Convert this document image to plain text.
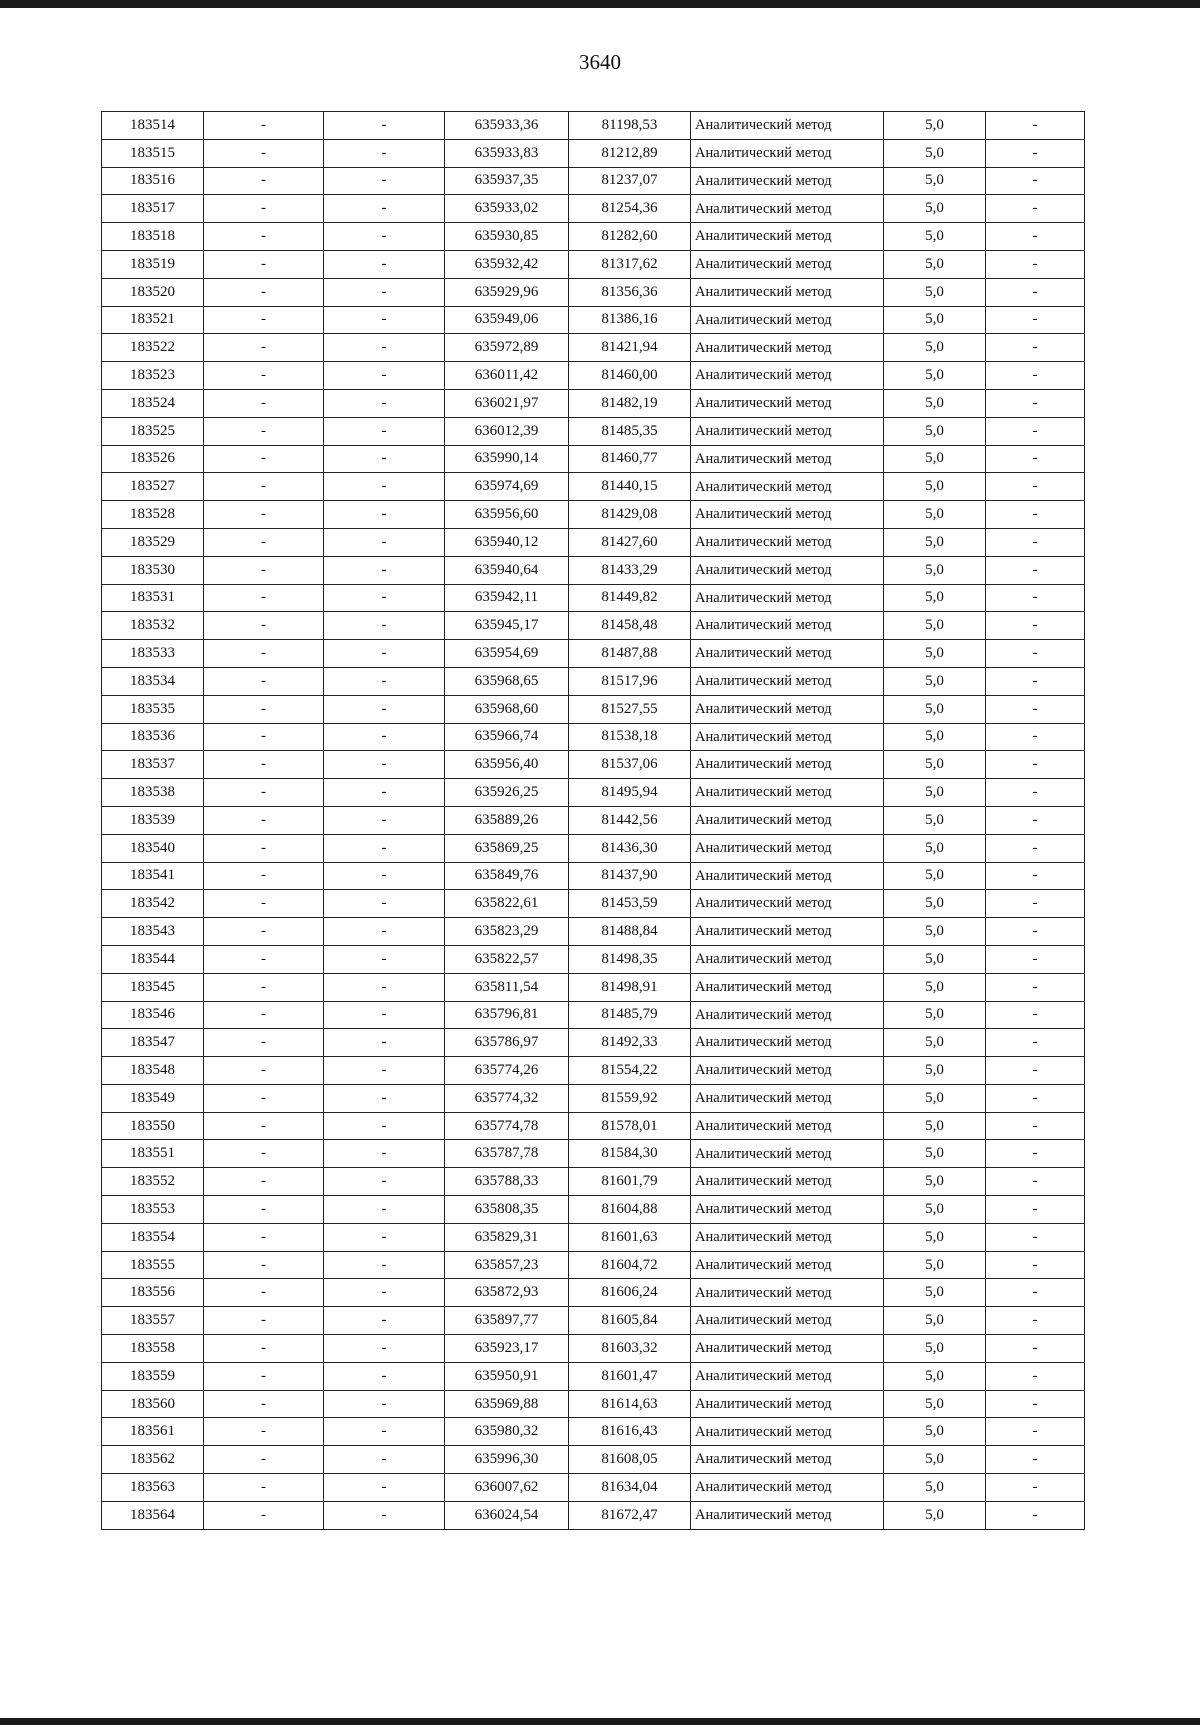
3640
183514	-	-	635933,36	81198,53	Аналитический метод	5,0	-
183515	-	-	635933,83	81212,89	Аналитический метод	5,0	-
183516	-	-	635937,35	81237,07	Аналитический метод	5,0	-
183517	-	-	635933,02	81254,36	Аналитический метод	5,0	-
183518	-	-	635930,85	81282,60	Аналитический метод	5,0	-
183519	-	-	635932,42	81317,62	Аналитический метод	5,0	-
183520	-	-	635929,96	81356,36	Аналитический метод	5,0	-
183521	-	-	635949,06	81386,16	Аналитический метод	5,0	-
183522	-	-	635972,89	81421,94	Аналитический метод	5,0	-
183523	-	-	636011,42	81460,00	Аналитический метод	5,0	-
183524	-	-	636021,97	81482,19	Аналитический метод	5,0	-
183525	-	-	636012,39	81485,35	Аналитический метод	5,0	-
183526	-	-	635990,14	81460,77	Аналитический метод	5,0	-
183527	-	-	635974,69	81440,15	Аналитический метод	5,0	-
183528	-	-	635956,60	81429,08	Аналитический метод	5,0	-
183529	-	-	635940,12	81427,60	Аналитический метод	5,0	-
183530	-	-	635940,64	81433,29	Аналитический метод	5,0	-
183531	-	-	635942,11	81449,82	Аналитический метод	5,0	-
183532	-	-	635945,17	81458,48	Аналитический метод	5,0	-
183533	-	-	635954,69	81487,88	Аналитический метод	5,0	-
183534	-	-	635968,65	81517,96	Аналитический метод	5,0	-
183535	-	-	635968,60	81527,55	Аналитический метод	5,0	-
183536	-	-	635966,74	81538,18	Аналитический метод	5,0	-
183537	-	-	635956,40	81537,06	Аналитический метод	5,0	-
183538	-	-	635926,25	81495,94	Аналитический метод	5,0	-
183539	-	-	635889,26	81442,56	Аналитический метод	5,0	-
183540	-	-	635869,25	81436,30	Аналитический метод	5,0	-
183541	-	-	635849,76	81437,90	Аналитический метод	5,0	-
183542	-	-	635822,61	81453,59	Аналитический метод	5,0	-
183543	-	-	635823,29	81488,84	Аналитический метод	5,0	-
183544	-	-	635822,57	81498,35	Аналитический метод	5,0	-
183545	-	-	635811,54	81498,91	Аналитический метод	5,0	-
183546	-	-	635796,81	81485,79	Аналитический метод	5,0	-
183547	-	-	635786,97	81492,33	Аналитический метод	5,0	-
183548	-	-	635774,26	81554,22	Аналитический метод	5,0	-
183549	-	-	635774,32	81559,92	Аналитический метод	5,0	-
183550	-	-	635774,78	81578,01	Аналитический метод	5,0	-
183551	-	-	635787,78	81584,30	Аналитический метод	5,0	-
183552	-	-	635788,33	81601,79	Аналитический метод	5,0	-
183553	-	-	635808,35	81604,88	Аналитический метод	5,0	-
183554	-	-	635829,31	81601,63	Аналитический метод	5,0	-
183555	-	-	635857,23	81604,72	Аналитический метод	5,0	-
183556	-	-	635872,93	81606,24	Аналитический метод	5,0	-
183557	-	-	635897,77	81605,84	Аналитический метод	5,0	-
183558	-	-	635923,17	81603,32	Аналитический метод	5,0	-
183559	-	-	635950,91	81601,47	Аналитический метод	5,0	-
183560	-	-	635969,88	81614,63	Аналитический метод	5,0	-
183561	-	-	635980,32	81616,43	Аналитический метод	5,0	-
183562	-	-	635996,30	81608,05	Аналитический метод	5,0	-
183563	-	-	636007,62	81634,04	Аналитический метод	5,0	-
183564	-	-	636024,54	81672,47	Аналитический метод	5,0	-
